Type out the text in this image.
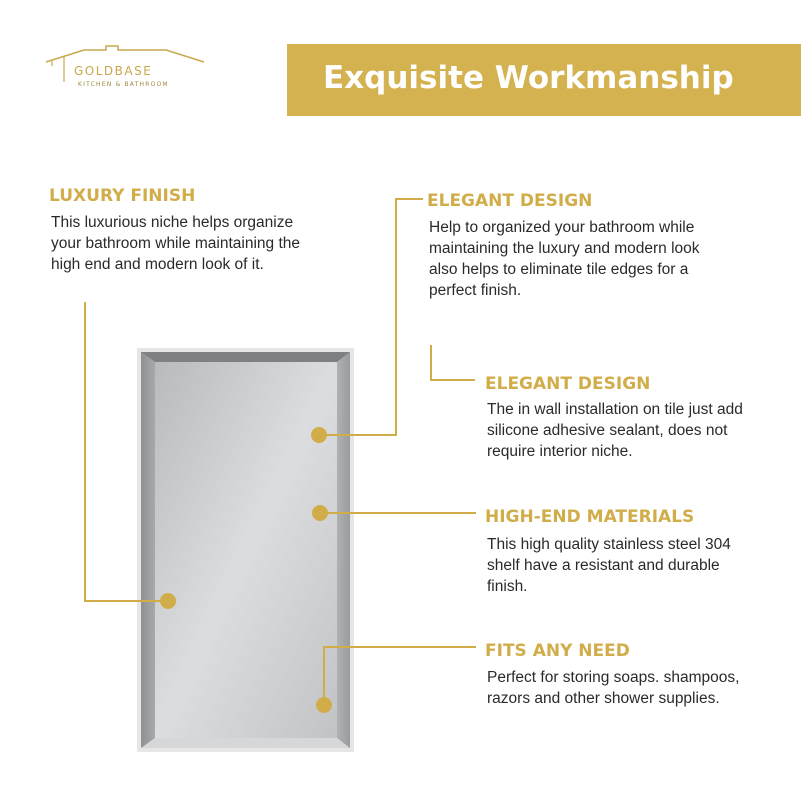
GOLDBASE
KITCHEN & BATHROOM	Exquisite Workmanship
LUXURY FINISH
This luxurious niche helps organize
your bathroom while maintaining the
high end and modern look of it.
ELEGANT DESIGN
Help to organized your bathroom while
maintaining the luxury and modern look
also helps to eliminate tile edges for a
perfect finish.
ELEGANT DESIGN
The in wall installation on tile just add
silicone adhesive sealant, does not
require interior niche.
HIGH-END MATERIALS
This high quality stainless steel 304
shelf have a resistant and durable
finish.
FITS ANY NEED
Perfect for storing soaps. shampoos,
razors and other shower supplies.
